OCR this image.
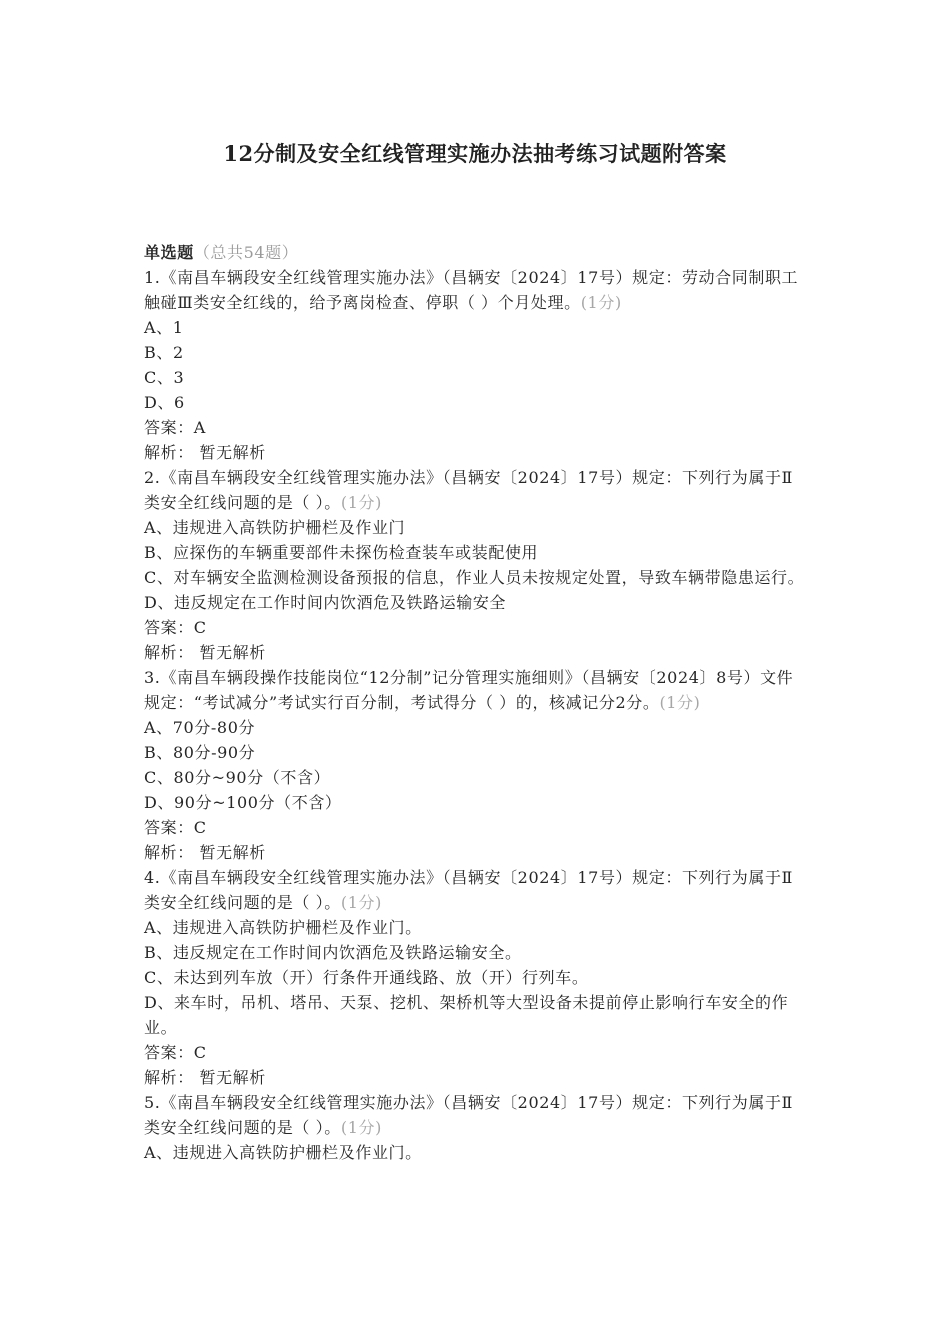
12分制及安全红线管理实施办法抽考练习试题附答案
单选题（总共54题）

1.《南昌车辆段安全红线管理实施办法》（昌辆安〔2024〕17号）规定：劳动合同制职工触碰Ⅲ类安全红线的，给予离岗检查、停职（ ）个月处理。(1分)

A、1

B、2

C、3

D、6

答案：A

解析： 暂无解析

2.《南昌车辆段安全红线管理实施办法》（昌辆安〔2024〕17号）规定：下列行为属于Ⅱ类安全红线问题的是（ ）。(1分)

A、违规进入高铁防护栅栏及作业门

B、应探伤的车辆重要部件未探伤检查装车或装配使用

C、对车辆安全监测检测设备预报的信息，作业人员未按规定处置，导致车辆带隐患运行。

D、违反规定在工作时间内饮酒危及铁路运输安全

答案：C

解析： 暂无解析

3.《南昌车辆段操作技能岗位“12分制”记分管理实施细则》（昌辆安〔2024〕8号）文件规定：“考试减分”考试实行百分制，考试得分（ ）的，核减记分2分。(1分)

A、70分-80分

B、80分-90分

C、80分~90分（不含）

D、90分~100分（不含）

答案：C

解析： 暂无解析

4.《南昌车辆段安全红线管理实施办法》（昌辆安〔2024〕17号）规定：下列行为属于Ⅱ类安全红线问题的是（ ）。(1分)

A、违规进入高铁防护栅栏及作业门。

B、违反规定在工作时间内饮酒危及铁路运输安全。

C、未达到列车放（开）行条件开通线路、放（开）行列车。

D、来车时，吊机、塔吊、天泵、挖机、架桥机等大型设备未提前停止影响行车安全的作业。

答案：C

解析： 暂无解析

5.《南昌车辆段安全红线管理实施办法》（昌辆安〔2024〕17号）规定：下列行为属于Ⅱ类安全红线问题的是（ ）。(1分)

A、违规进入高铁防护栅栏及作业门。
